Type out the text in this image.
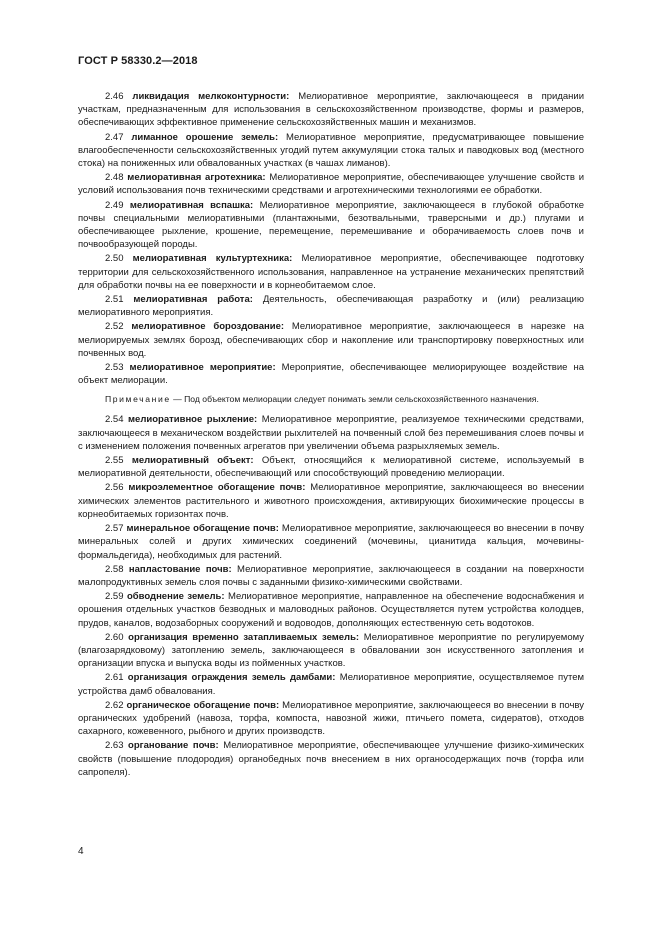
ГОСТ Р 58330.2—2018

2.46 ликвидация мелкоконтурности: Мелиоративное мероприятие, заключающееся в придании участкам, предназначенным для использования в сельскохозяйственном производстве, формы и размеров, обеспечивающих эффективное применение сельскохозяйственных машин и механизмов.

2.47 лиманное орошение земель: Мелиоративное мероприятие, предусматривающее повышение влагообеспеченности сельскохозяйственных угодий путем аккумуляции стока талых и паводковых вод (местного стока) на пониженных или обвалованных участках (в чашах лиманов).

2.48 мелиоративная агротехника: Мелиоративное мероприятие, обеспечивающее улучшение свойств и условий использования почв техническими средствами и агротехническими технологиями ее обработки.

2.49 мелиоративная вспашка: Мелиоративное мероприятие, заключающееся в глубокой обработке почвы специальными мелиоративными (плантажными, безотвальными, траверсными и др.) плугами и обеспечивающее рыхление, крошение, перемещение, перемешивание и оборачиваемость слоев почв и почвообразующей породы.

2.50 мелиоративная культуртехника: Мелиоративное мероприятие, обеспечивающее подготовку территории для сельскохозяйственного использования, направленное на устранение механических препятствий для обработки почвы на ее поверхности и в корнеобитаемом слое.

2.51 мелиоративная работа: Деятельность, обеспечивающая разработку и (или) реализацию мелиоративного мероприятия.

2.52 мелиоративное бороздование: Мелиоративное мероприятие, заключающееся в нарезке на мелиорируемых землях борозд, обеспечивающих сбор и накопление или транспортировку поверхностных или почвенных вод.

2.53 мелиоративное мероприятие: Мероприятие, обеспечивающее мелиорирующее воздействие на объект мелиорации.

Примечание — Под объектом мелиорации следует понимать земли сельскохозяйственного назначения.

2.54 мелиоративное рыхление: Мелиоративное мероприятие, реализуемое техническими средствами, заключающееся в механическом воздействии рыхлителей на почвенный слой без перемешивания слоев почвы и с изменением положения почвенных агрегатов при увеличении объема разрыхляемых земель.

2.55 мелиоративный объект: Объект, относящийся к мелиоративной системе, используемый в мелиоративной деятельности, обеспечивающий или способствующий проведению мелиорации.

2.56 микроэлементное обогащение почв: Мелиоративное мероприятие, заключающееся во внесении химических элементов растительного и животного происхождения, активирующих биохимические процессы в корнеобитаемых горизонтах почв.

2.57 минеральное обогащение почв: Мелиоративное мероприятие, заключающееся во внесении в почву минеральных солей и других химических соединений (мочевины, цианитида кальция, мочевины-формальдегида), необходимых для растений.

2.58 напластование почв: Мелиоративное мероприятие, заключающееся в создании на поверхности малопродуктивных земель слоя почвы с заданными физико-химическими свойствами.

2.59 обводнение земель: Мелиоративное мероприятие, направленное на обеспечение водоснабжения и орошения отдельных участков безводных и маловодных районов. Осуществляется путем устройства колодцев, прудов, каналов, водозаборных сооружений и водоводов, дополняющих естественную сеть водотоков.

2.60 организация временно затапливаемых земель: Мелиоративное мероприятие по регулируемому (влагозарядковому) затоплению земель, заключающееся в обваловании зон искусственного затопления и организации впуска и выпуска воды из пойменных участков.

2.61 организация ограждения земель дамбами: Мелиоративное мероприятие, осуществляемое путем устройства дамб обвалования.

2.62 органическое обогащение почв: Мелиоративное мероприятие, заключающееся во внесении в почву органических удобрений (навоза, торфа, компоста, навозной жижи, птичьего помета, сидератов), отходов сахарного, кожевенного, рыбного и других производств.

2.63 органование почв: Мелиоративное мероприятие, обеспечивающее улучшение физико-химических свойств (повышение плодородия) органобедных почв внесением в них органосодержащих почв (торфа или сапропеля).

4
